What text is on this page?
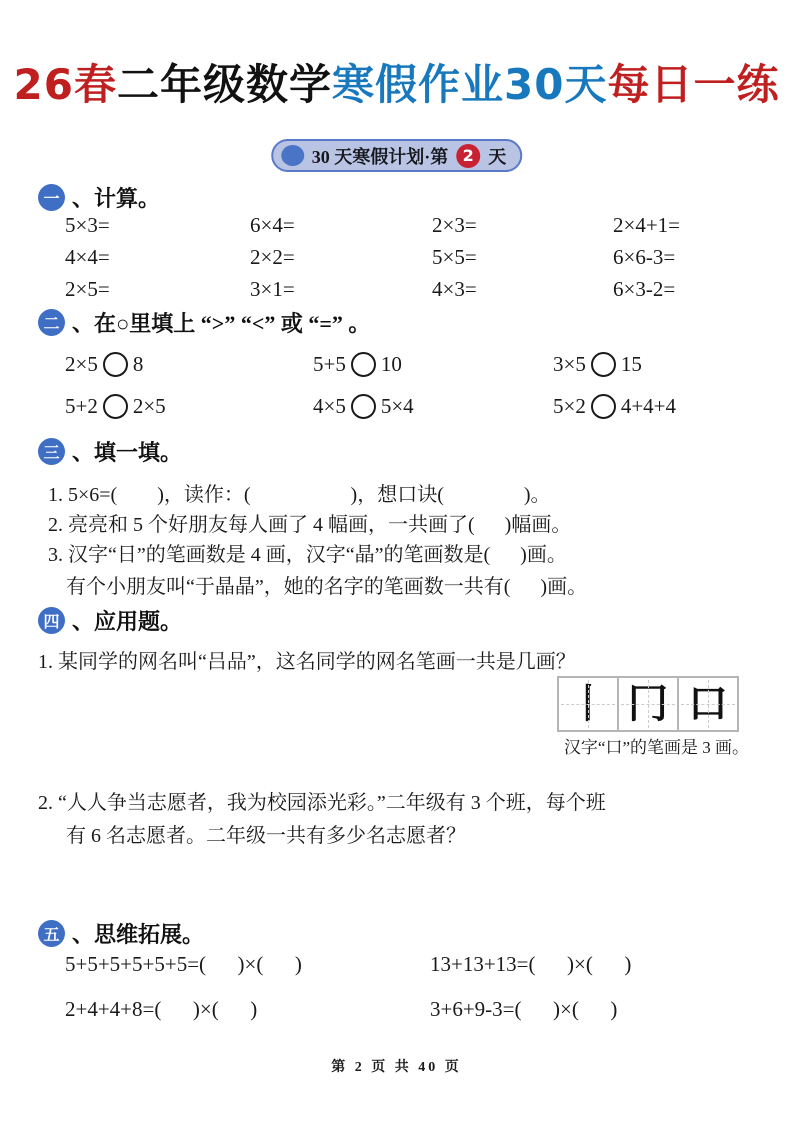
26春二年级数学寒假作业30天每日一练
30 天寒假计划·第 2 天
一 、计算。
5×3=	6×4=	2×3=	2×4+1=
4×4=	2×2=	5×5=	6×6-3=
2×5=	3×1=	4×3=	6×3-2=
二 、在○里填上 “>” “<” 或 “=” 。
2×5 8	5+5 10	3×5 15
5+2 2×5	4×5 5×4	5×2 4+4+4
三 、填一填。
1. 5×6=(        )，读作：(                    )，想口诀(                )。
2. 亮亮和 5 个好朋友每人画了 4 幅画，一共画了(      )幅画。
3. 汉字“日”的笔画数是 4 画，汉字“晶”的笔画数是(      )画。
有个小朋友叫“于晶晶”，她的名字的笔画数一共有(      )画。
四 、应用题。
1. 某同学的网名叫“吕品”，这名同学的网名笔画一共是几画？
丨 冂 口
汉字“口”的笔画是 3 画。
2. “人人争当志愿者，我为校园添光彩。”二年级有 3 个班，每个班
有 6 名志愿者。二年级一共有多少名志愿者？
五 、思维拓展。
5+5+5+5+5+5=(      )×(      )	13+13+13=(      )×(      )
2+4+4+8=(      )×(      )	3+6+9-3=(      )×(      )
第 2 页 共 40 页
